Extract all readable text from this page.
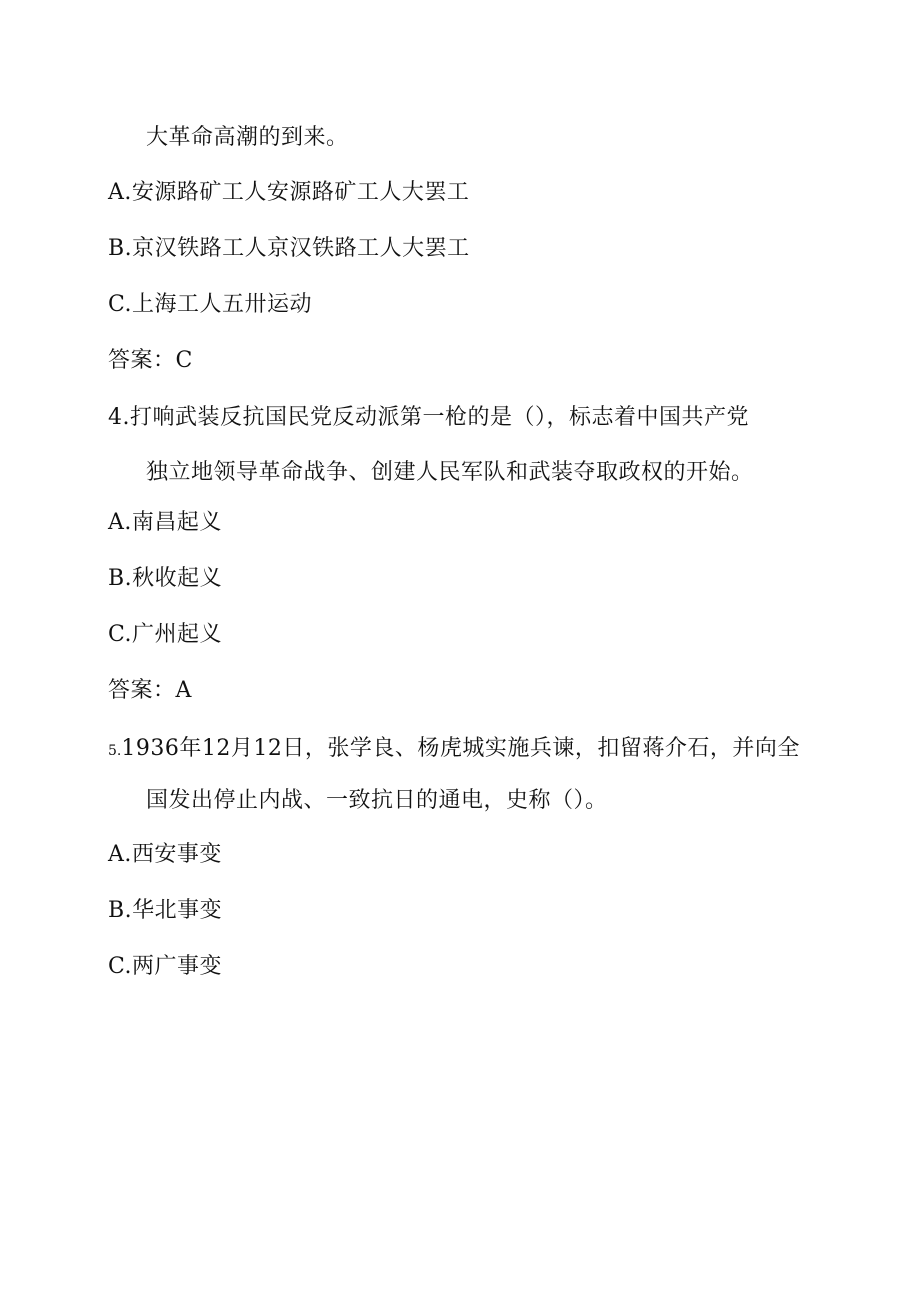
大革命高潮的到来。
A.安源路矿工人安源路矿工人大罢工
B.京汉铁路工人京汉铁路工人大罢工
C.上海工人五卅运动
答案：C
4.打响武装反抗国民党反动派第一枪的是（），标志着中国共产党
独立地领导革命战争、创建人民军队和武装夺取政权的开始。
A.南昌起义
B.秋收起义
C.广州起义
答案：A
5.1936年12月12日，张学良、杨虎城实施兵谏，扣留蒋介石，并向全
国发出停止内战、一致抗日的通电，史称（）。
A.西安事变
B.华北事变
C.两广事变
